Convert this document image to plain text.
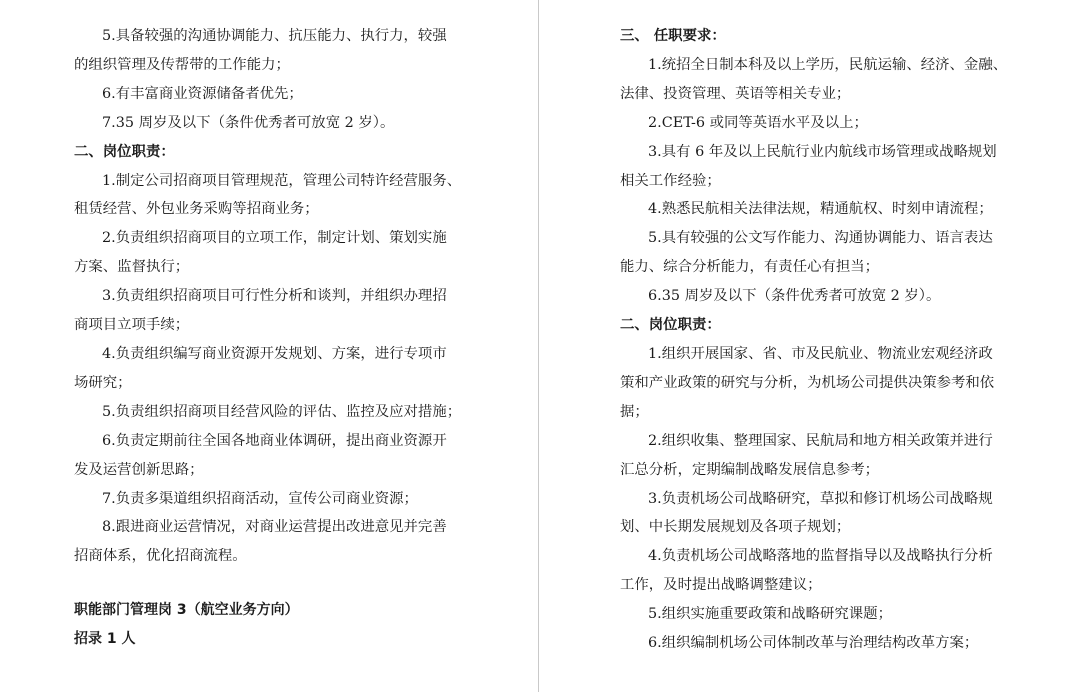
5.具备较强的沟通协调能力、抗压能力、执行力，较强

的组织管理及传帮带的工作能力；

6.有丰富商业资源储备者优先；

7.35 周岁及以下（条件优秀者可放宽 2 岁）。

二、岗位职责：

1.制定公司招商项目管理规范，管理公司特许经营服务、

租赁经营、外包业务采购等招商业务；

2.负责组织招商项目的立项工作，制定计划、策划实施

方案、监督执行；

3.负责组织招商项目可行性分析和谈判，并组织办理招

商项目立项手续；

4.负责组织编写商业资源开发规划、方案，进行专项市

场研究；

5.负责组织招商项目经营风险的评估、监控及应对措施；

6.负责定期前往全国各地商业体调研，提出商业资源开

发及运营创新思路；

7.负责多渠道组织招商活动，宣传公司商业资源；

8.跟进商业运营情况，对商业运营提出改进意见并完善

招商体系，优化招商流程。

职能部门管理岗 3（航空业务方向）

招录 1 人

三、 任职要求：

1.统招全日制本科及以上学历，民航运输、经济、金融、

法律、投资管理、英语等相关专业；

2.CET-6 或同等英语水平及以上；

3.具有 6 年及以上民航行业内航线市场管理或战略规划

相关工作经验；

4.熟悉民航相关法律法规，精通航权、时刻申请流程；

5.具有较强的公文写作能力、沟通协调能力、语言表达

能力、综合分析能力，有责任心有担当；

6.35 周岁及以下（条件优秀者可放宽 2 岁）。

二、岗位职责：

1.组织开展国家、省、市及民航业、物流业宏观经济政

策和产业政策的研究与分析，为机场公司提供决策参考和依

据；

2.组织收集、整理国家、民航局和地方相关政策并进行

汇总分析，定期编制战略发展信息参考；

3.负责机场公司战略研究，草拟和修订机场公司战略规

划、中长期发展规划及各项子规划；

4.负责机场公司战略落地的监督指导以及战略执行分析

工作，及时提出战略调整建议；

5.组织实施重要政策和战略研究课题；

6.组织编制机场公司体制改革与治理结构改革方案；
